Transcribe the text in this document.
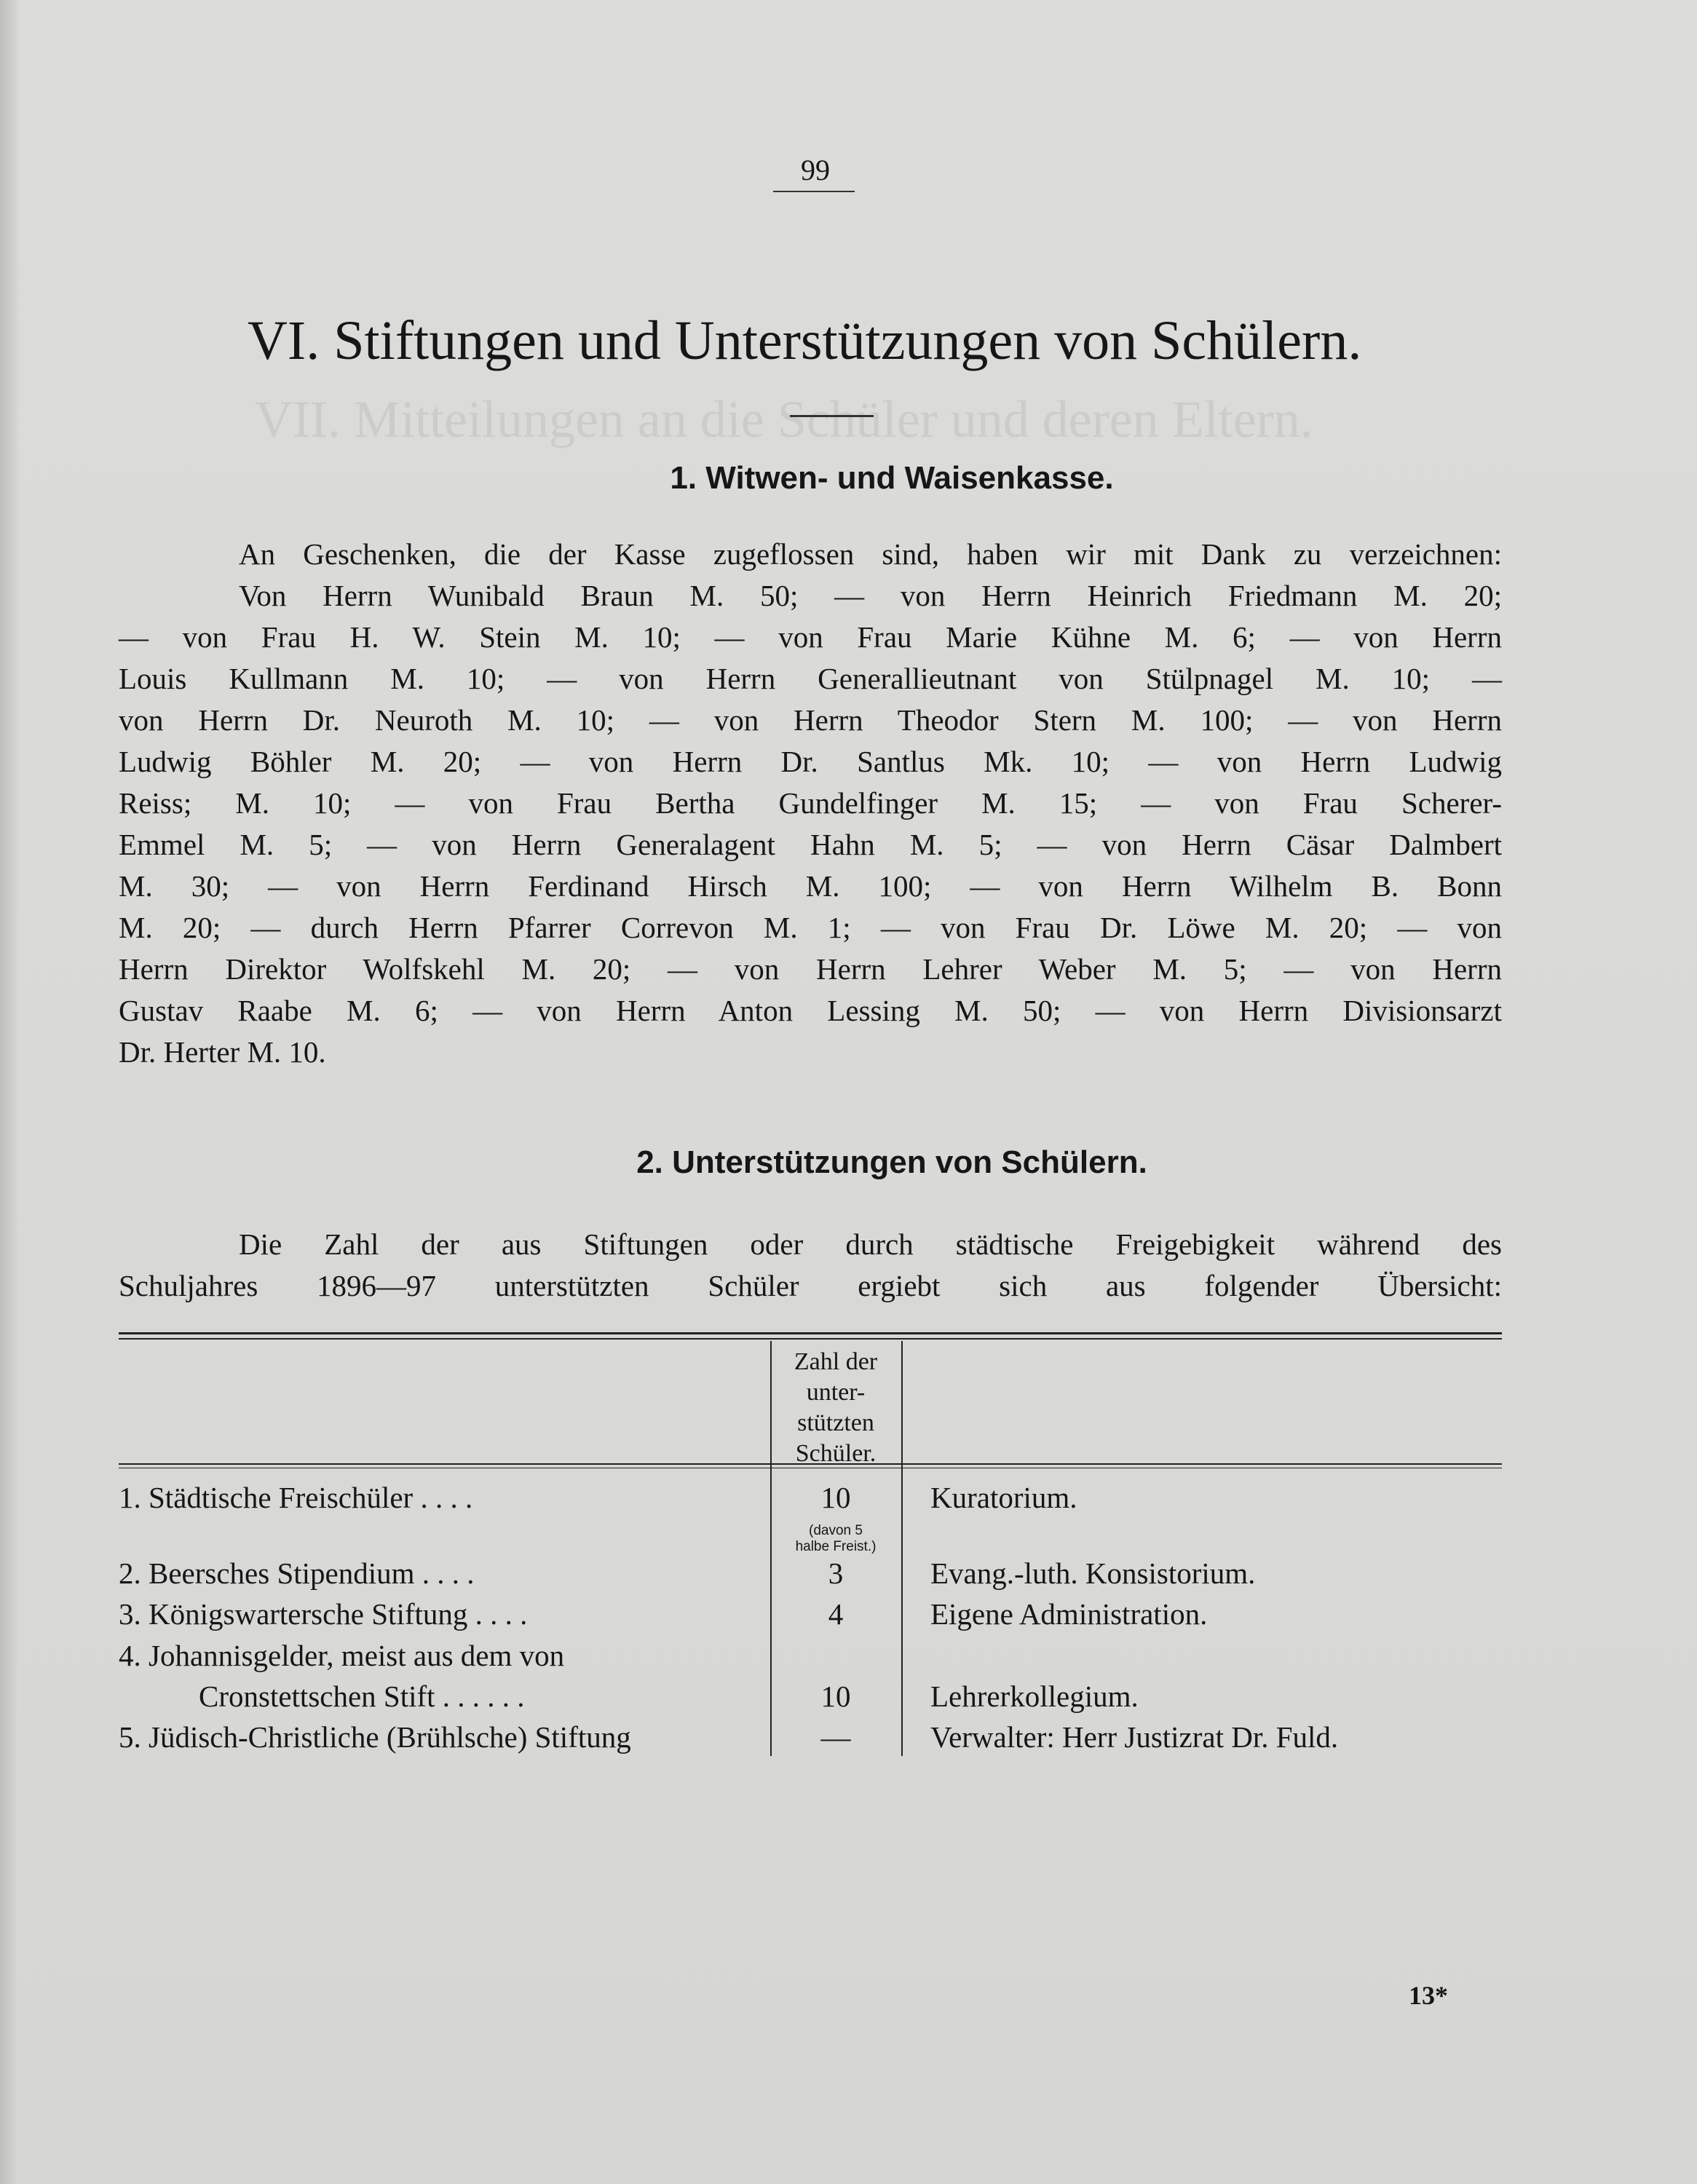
VII. Mitteilungen an die Schüler und deren Eltern.
99
VI. Stiftungen und Unterstützungen von Schülern.
1. Witwen- und Waisenkasse.
An Geschenken, die der Kasse zugeflossen sind, haben wir mit Dank zu verzeichnen:
Von Herrn Wunibald Braun M. 50; — von Herrn Heinrich Friedmann M. 20;
— von Frau H. W. Stein M. 10; — von Frau Marie Kühne M. 6; — von Herrn
Louis Kullmann M. 10; — von Herrn Generallieutnant von Stülpnagel M. 10; —
von Herrn Dr. Neuroth M. 10; — von Herrn Theodor Stern M. 100; — von Herrn
Ludwig Böhler M. 20; — von Herrn Dr. Santlus Mk. 10; — von Herrn Ludwig
Reiss; M. 10; — von Frau Bertha Gundelfinger M. 15; — von Frau Scherer-
Emmel M. 5; — von Herrn Generalagent Hahn M. 5; — von Herrn Cäsar Dalmbert
M. 30; — von Herrn Ferdinand Hirsch M. 100; — von Herrn Wilhelm B. Bonn
M. 20; — durch Herrn Pfarrer Correvon M. 1; — von Frau Dr. Löwe M. 20; — von
Herrn Direktor Wolfskehl M. 20; — von Herrn Lehrer Weber M. 5; — von Herrn
Gustav Raabe M. 6; — von Herrn Anton Lessing M. 50; — von Herrn Divisionsarzt
Dr. Herter M. 10.
2. Unterstützungen von Schülern.
Die Zahl der aus Stiftungen oder durch städtische Freigebigkeit während des
Schuljahres 1896—97 unterstützten Schüler ergiebt sich aus folgender Übersicht:
Zahl der
unter-
stützten
Schüler.
1. Städtische Freischüler . . . .	10	Kuratorium.
(davon 5
halbe Freist.)
2. Beersches Stipendium . . . .	3	Evang.-luth. Konsistorium.
3. Königswartersche Stiftung . . . .	4	Eigene Administration.
4. Johannisgelder, meist aus dem von
Cronstettschen Stift . . . . . .	10	Lehrerkollegium.
5. Jüdisch-Christliche (Brühlsche) Stiftung	—	Verwalter: Herr Justizrat Dr. Fuld.
13*
